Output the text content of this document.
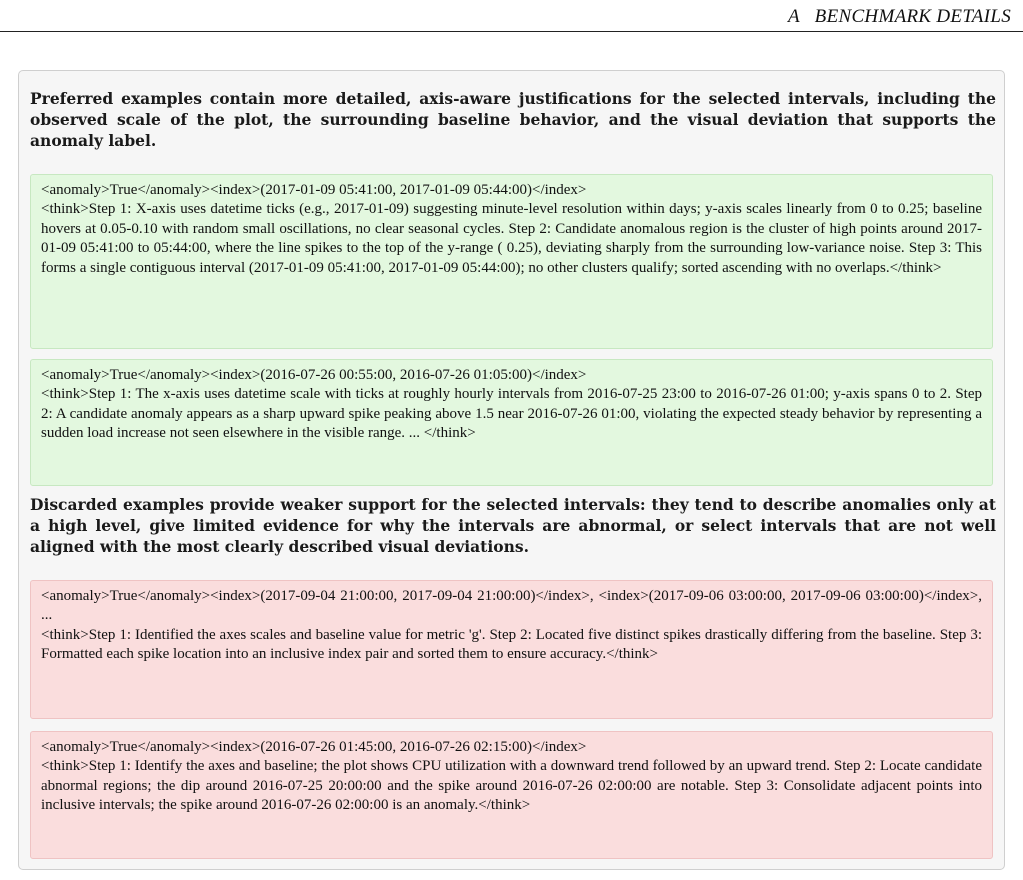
A   BENCHMARK DETAILS
Preferred examples contain more detailed, axis-aware justifications for the selected intervals, including the observed scale of the plot, the surrounding baseline behavior, and the visual deviation that supports the anomaly label.
<anomaly>True</anomaly><index>(2017-01-09 05:41:00, 2017-01-09 05:44:00)</index>
<think>Step 1: X-axis uses datetime ticks (e.g., 2017-01-09) suggesting minute-level resolution within days; y-axis scales linearly from 0 to 0.25; baseline hovers at 0.05-0.10 with random small oscillations, no clear seasonal cycles. Step 2: Candidate anomalous region is the cluster of high points around 2017-01-09 05:41:00 to 05:44:00, where the line spikes to the top of the y-range ( 0.25), deviating sharply from the surrounding low-variance noise. Step 3: This forms a single contiguous interval (2017-01-09 05:41:00, 2017-01-09 05:44:00); no other clusters qualify; sorted ascending with no overlaps.</think>
<anomaly>True</anomaly><index>(2016-07-26 00:55:00, 2016-07-26 01:05:00)</index>
<think>Step 1: The x-axis uses datetime scale with ticks at roughly hourly intervals from 2016-07-25 23:00 to 2016-07-26 01:00; y-axis spans 0 to 2. Step 2: A candidate anomaly appears as a sharp upward spike peaking above 1.5 near 2016-07-26 01:00, violating the expected steady behavior by representing a sudden load increase not seen elsewhere in the visible range. ... </think>
Discarded examples provide weaker support for the selected intervals: they tend to describe anomalies only at a high level, give limited evidence for why the intervals are abnormal, or select intervals that are not well aligned with the most clearly described visual deviations.
<anomaly>True</anomaly><index>(2017-09-04 21:00:00, 2017-09-04 21:00:00)</index>, <index>(2017-09-06 03:00:00, 2017-09-06 03:00:00)</index>, ...
<think>Step 1: Identified the axes scales and baseline value for metric 'g'. Step 2: Located five distinct spikes drastically differing from the baseline. Step 3: Formatted each spike location into an inclusive index pair and sorted them to ensure accuracy.</think>
<anomaly>True</anomaly><index>(2016-07-26 01:45:00, 2016-07-26 02:15:00)</index>
<think>Step 1: Identify the axes and baseline; the plot shows CPU utilization with a downward trend followed by an upward trend. Step 2: Locate candidate abnormal regions; the dip around 2016-07-25 20:00:00 and the spike around 2016-07-26 02:00:00 are notable. Step 3: Consolidate adjacent points into inclusive intervals; the spike around 2016-07-26 02:00:00 is an anomaly.</think>
